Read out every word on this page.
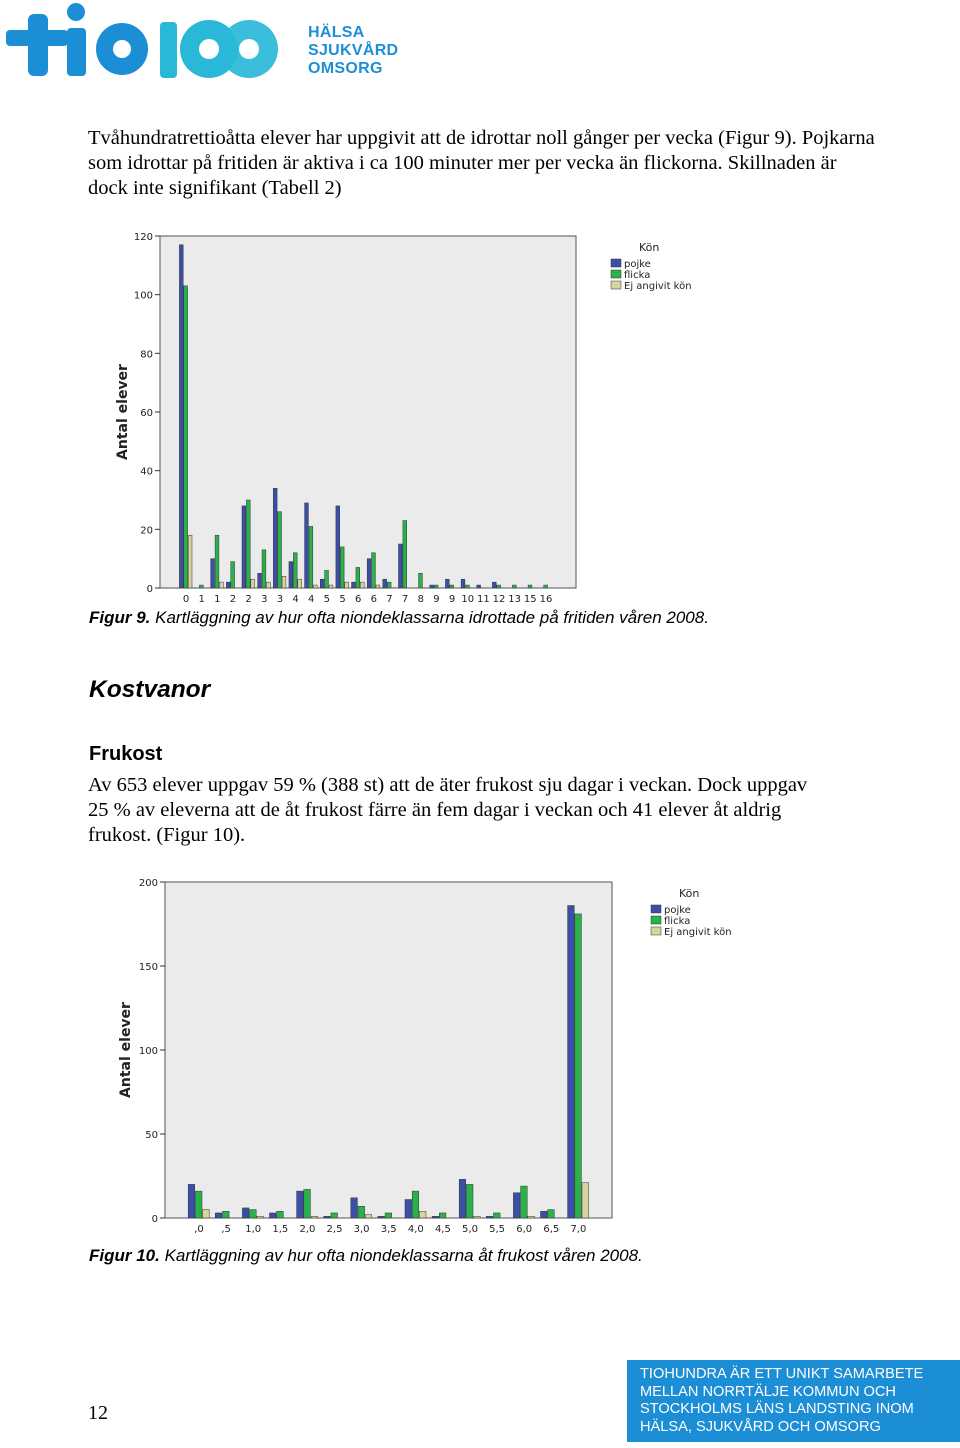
HÄLSA
SJUKVÅRD
OMSORG

Tvåhundratrettioåtta elever har uppgivit att de idrottar noll gånger per vecka (Figur 9). Pojkarna som idrottar på fritiden är aktiva i ca 100 minuter mer per vecka än flickorna. Skillnaden är dock inte signifikant (Tabell 2)

0
20
40
60
80
100
120
Antal elever
0 1 1 2 2 3 3 4 4 5 5 6 6 7 7 8 9 9 10 11 12 13 15 16
Kön
pojke
flicka
Ej angivit kön

Figur 9. Kartläggning av hur ofta niondeklassarna idrottade på fritiden våren 2008.

Kostvanor
Frukost

Av 653 elever uppgav 59 % (388 st) att de äter frukost sju dagar i veckan. Dock uppgav 25 % av eleverna att de åt frukost färre än fem dagar i veckan och 41 elever åt aldrig frukost. (Figur 10).

0
50
100
150
200
Antal elever
,0 ,5 1,0 1,5 2,0 2,5 3,0 3,5 4,0 4,5 5,0 5,5 6,0 6,5 7,0
Kön
pojke
flicka
Ej angivit kön

Figur 10. Kartläggning av hur ofta niondeklassarna åt frukost våren 2008.

12
TIOHUNDRA ÄR ETT UNIKT SAMARBETE
MELLAN NORRTÄLJE KOMMUN OCH
STOCKHOLMS LÄNS LANDSTING INOM
HÄLSA, SJUKVÅRD OCH OMSORG
